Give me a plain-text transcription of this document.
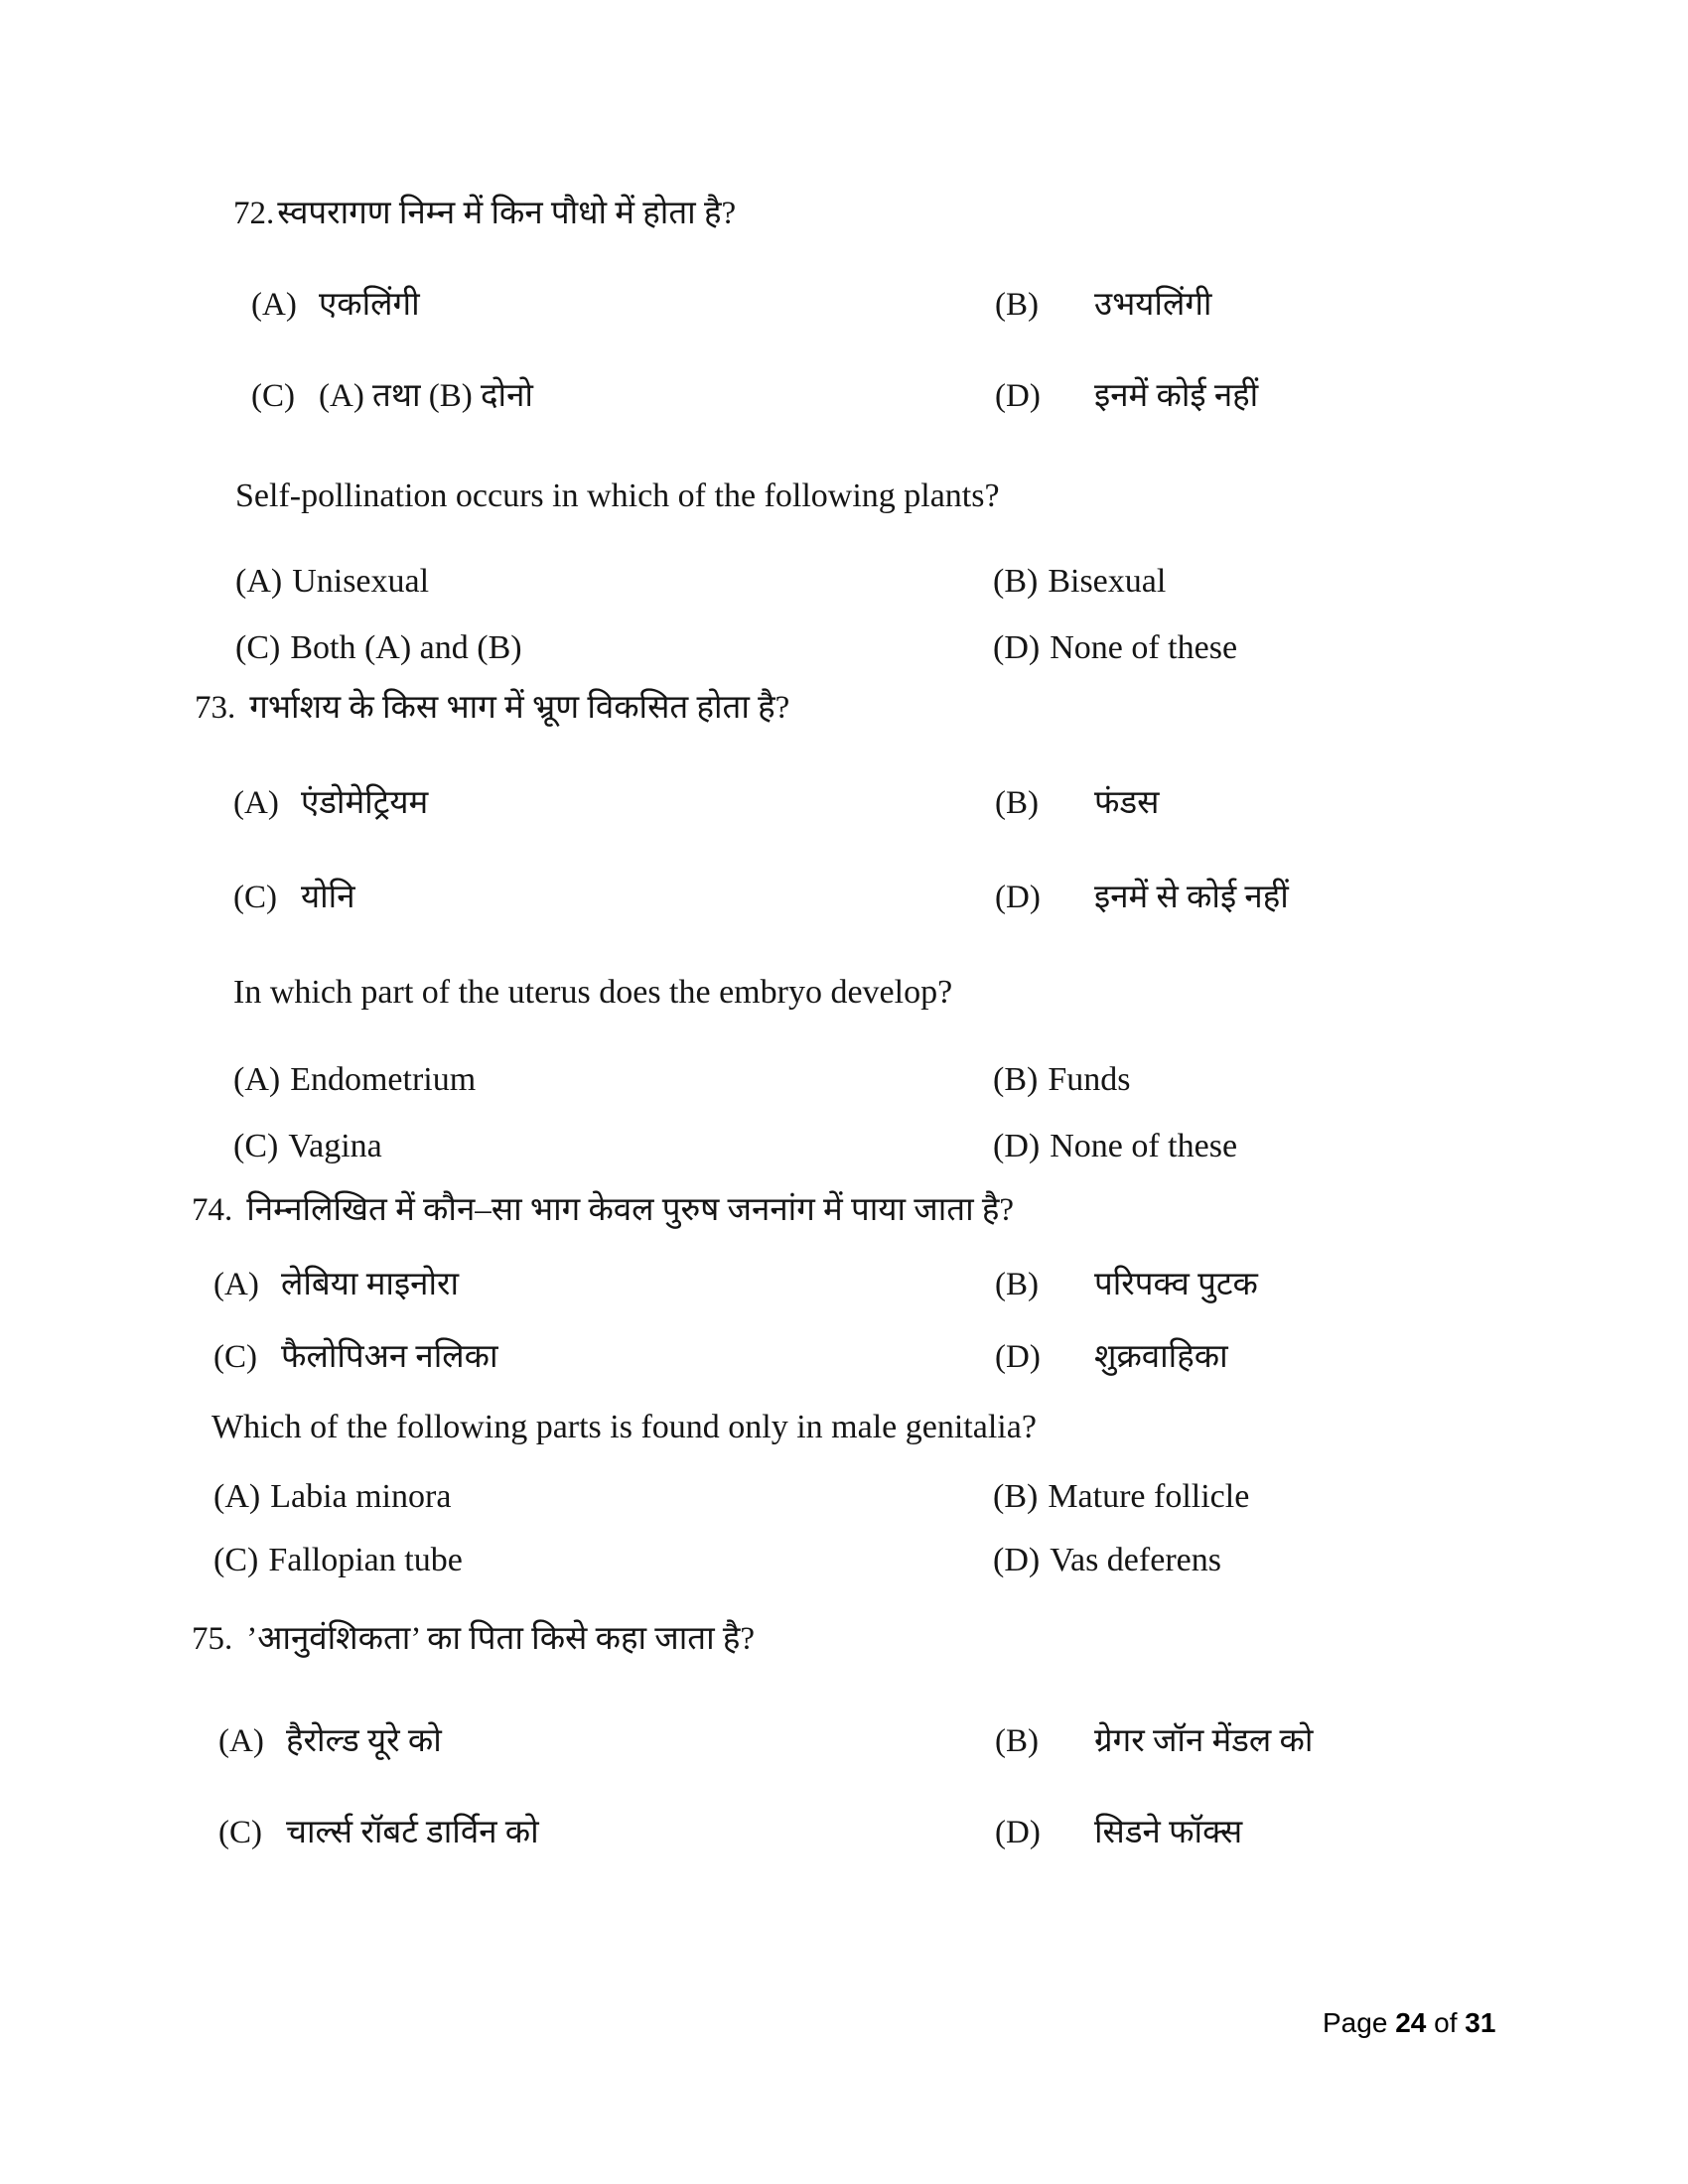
72.स्वपरागण निम्न में किन पौधो में होता है?
(A) एकलिंगी	(B) उभयलिंगी
(C) (A) तथा (B) दोनो	(D) इनमें कोई नहीं
Self-pollination occurs in which of the following plants?
(A) Unisexual	(B) Bisexual
(C) Both (A) and (B)	(D) None of these
73. गर्भाशय के किस भाग में भ्रूण विकसित होता है?
(A) एंडोमेट्रियम	(B) फंडस
(C) योनि	(D) इनमें से कोई नहीं
In which part of the uterus does the embryo develop?
(A) Endometrium	(B) Funds
(C) Vagina	(D) None of these
74. निम्नलिखित में कौन–सा भाग केवल पुरुष जननांग में पाया जाता है?
(A) लेबिया माइनोरा	(B) परिपक्व पुटक
(C) फैलोपिअन नलिका	(D) शुक्रवाहिका
Which of the following parts is found only in male genitalia?
(A) Labia minora	(B) Mature follicle
(C) Fallopian tube	(D) Vas deferens
75. ’आनुवंशिकता’ का पिता किसे कहा जाता है?
(A) हैरोल्ड यूरे को	(B) ग्रेगर जॉन मेंडल को
(C) चार्ल्स रॉबर्ट डार्विन को	(D) सिडने फॉक्स
Page 24 of 31
